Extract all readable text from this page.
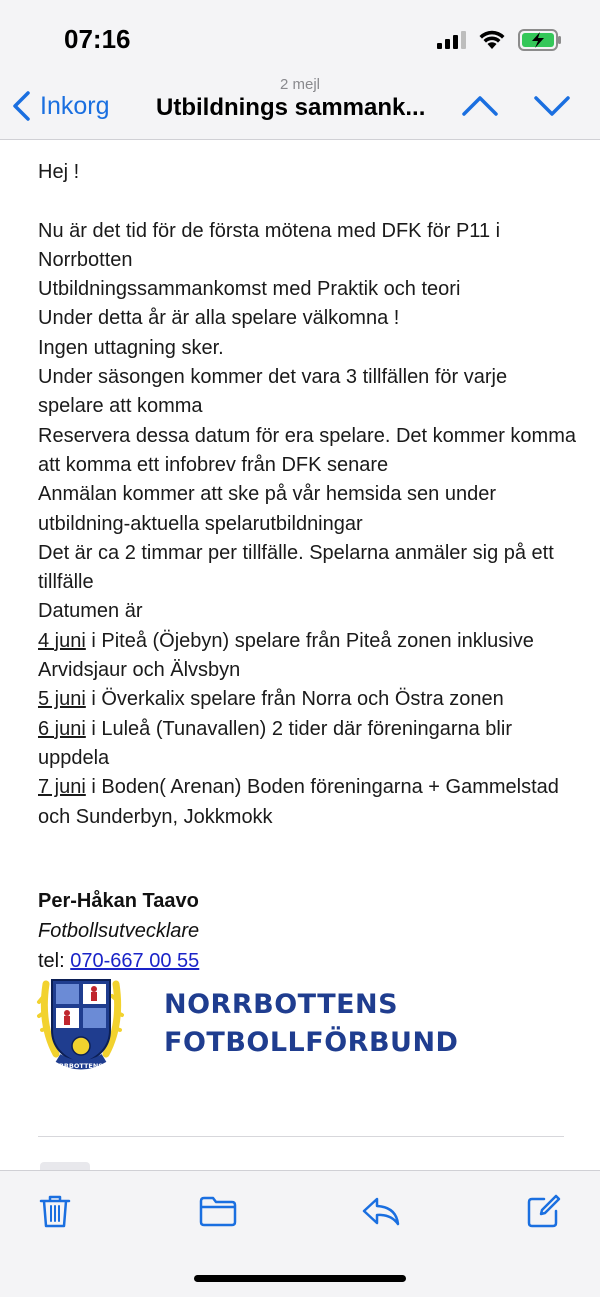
07:16
2 mejl
Inkorg Utbildnings sammank...

Hej !

Nu är det tid för de första mötena med DFK för P11 i Norrbotten

Utbildningssammankomst med Praktik och teori

Under detta år är alla spelare välkomna !

Ingen uttagning sker.

Under säsongen kommer det vara 3 tillfällen för varje spelare att komma

Reservera dessa datum för era spelare. Det kommer komma att komma ett infobrev från DFK senare

Anmälan kommer att ske på vår hemsida sen under utbildning-aktuella spelarutbildningar

Det är ca 2 timmar per tillfälle. Spelarna anmäler sig på ett tillfälle

Datumen är

4 juni i Piteå (Öjebyn) spelare från Piteå zonen inklusive Arvidsjaur och Älvsbyn

5 juni i Överkalix spelare från Norra och Östra zonen

6 juni i Luleå (Tunavallen) 2 tider där föreningarna blir uppdela

7 juni i Boden( Arenan) Boden föreningarna + Gammelstad och Sunderbyn, Jokkmokk

Per-Håkan Taavo
Fotbollsutvecklare
tel: 070-667 00 55
NORRBOTTENS FF
NORRBOTTENS
FOTBOLLFÖRBUND
